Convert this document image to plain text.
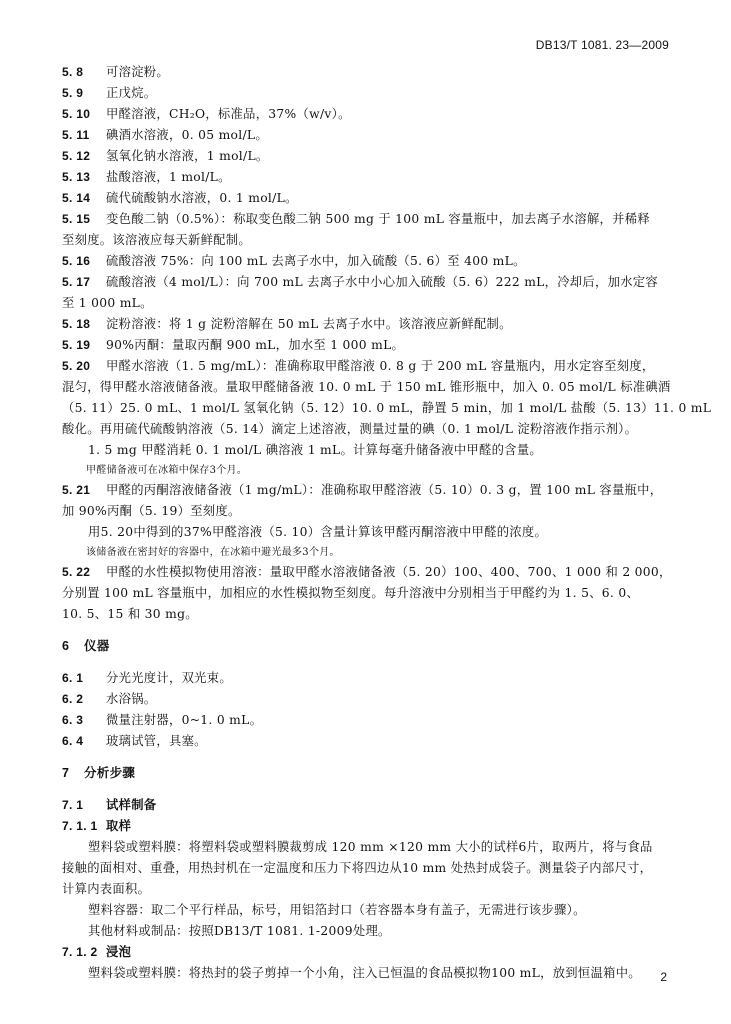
DB13/T 1081. 23—2009
5. 8 可溶淀粉。
5. 9 正戊烷。
5. 10 甲醛溶液，CH₂O，标准品，37%（w/v）。
5. 11 碘酒水溶液，0. 05 mol/L。
5. 12 氢氧化钠水溶液，1 mol/L。
5. 13 盐酸溶液，1 mol/L。
5. 14 硫代硫酸钠水溶液，0. 1 mol/L。
5. 15 变色酸二钠（0.5%）：称取变色酸二钠 500 mg 于 100 mL 容量瓶中，加去离子水溶解，并稀释
至刻度。该溶液应每天新鲜配制。
5. 16 硫酸溶液 75%：向 100 mL 去离子水中，加入硫酸（5. 6）至 400 mL。
5. 17 硫酸溶液（4 mol/L）：向 700 mL 去离子水中小心加入硫酸（5. 6）222 mL，冷却后，加水定容
至 1 000 mL。
5. 18 淀粉溶液：将 1 g 淀粉溶解在 50 mL 去离子水中。该溶液应新鲜配制。
5. 19 90%丙酮：量取丙酮 900 mL，加水至 1 000 mL。
5. 20 甲醛水溶液（1. 5 mg/mL）：准确称取甲醛溶液 0. 8 g 于 200 mL 容量瓶内，用水定容至刻度，
混匀，得甲醛水溶液储备液。量取甲醛储备液 10. 0 mL 于 150 mL 锥形瓶中，加入 0. 05 mol/L 标准碘酒
（5. 11）25. 0 mL、1 mol/L 氢氧化钠（5. 12）10. 0 mL，静置 5 min，加 1 mol/L 盐酸（5. 13）11. 0 mL
酸化。再用硫代硫酸钠溶液（5. 14）滴定上述溶液，测量过量的碘（0. 1 mol/L 淀粉溶液作指示剂）。
1. 5 mg 甲醛消耗 0. 1 mol/L 碘溶液 1 mL。计算每毫升储备液中甲醛的含量。
甲醛储备液可在冰箱中保存3个月。
5. 21 甲醛的丙酮溶液储备液（1 mg/mL）：准确称取甲醛溶液（5. 10）0. 3 g，置 100 mL 容量瓶中，
加 90%丙酮（5. 19）至刻度。
用5. 20中得到的37%甲醛溶液（5. 10）含量计算该甲醛丙酮溶液中甲醛的浓度。
该储备液在密封好的容器中，在冰箱中避光最多3个月。
5. 22 甲醛的水性模拟物使用溶液：量取甲醛水溶液储备液（5. 20）100、400、700、1 000 和 2 000，
分别置 100 mL 容量瓶中，加相应的水性模拟物至刻度。每升溶液中分别相当于甲醛约为 1. 5、6. 0、
10. 5、15 和 30 mg。
6 仪器
6. 1 分光光度计，双光束。
6. 2 水浴锅。
6. 3 微量注射器，0~1. 0 mL。
6. 4 玻璃试管，具塞。
7 分析步骤
7. 1 试样制备
7. 1. 1 取样
塑料袋或塑料膜：将塑料袋或塑料膜裁剪成 120 mm ×120 mm 大小的试样6片，取两片，将与食品
接触的面相对、重叠，用热封机在一定温度和压力下将四边从10 mm 处热封成袋子。测量袋子内部尺寸，
计算内表面积。
塑料容器：取二个平行样品，标号，用铝箔封口（若容器本身有盖子，无需进行该步骤）。
其他材料或制品：按照DB13/T 1081. 1-2009处理。
7. 1. 2 浸泡
塑料袋或塑料膜：将热封的袋子剪掉一个小角，注入已恒温的食品模拟物100 mL，放到恒温箱中。	2
